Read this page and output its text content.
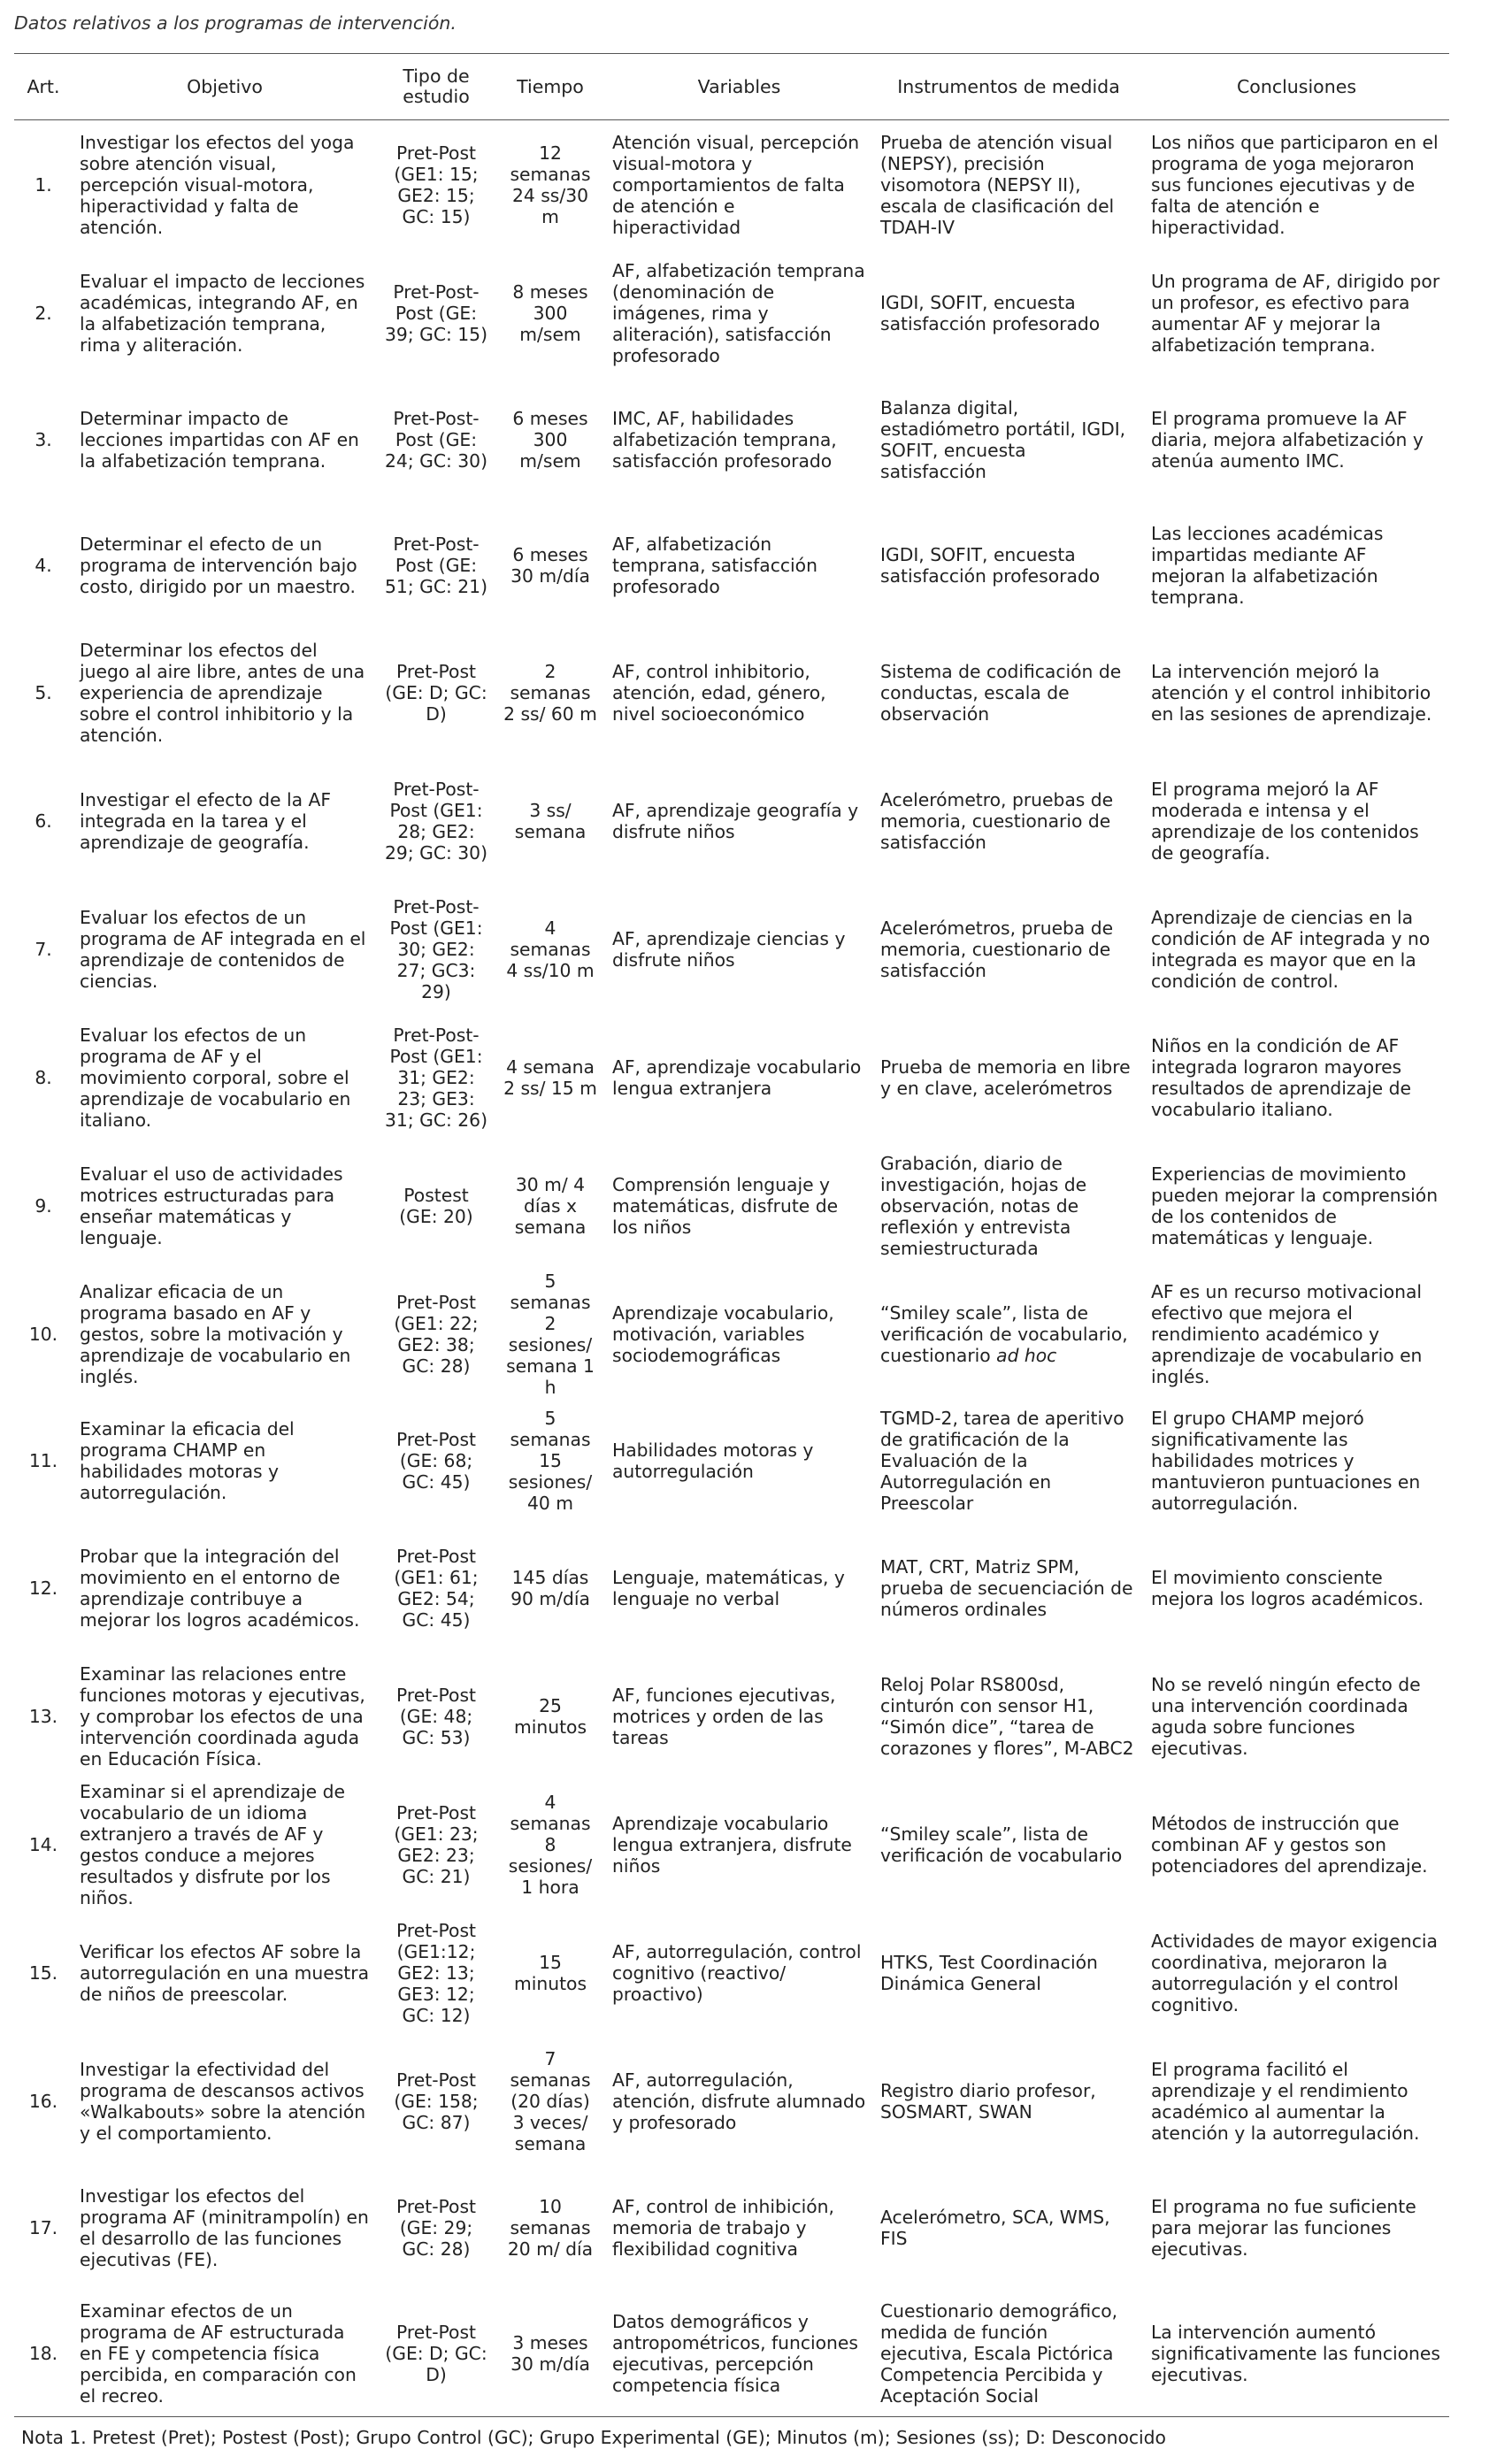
Datos relativos a los programas de intervención.
Art.	Objetivo	Tipo de estudio	Tiempo	Variables	Instrumentos de medida	Conclusiones
1.	Investigar los efectos del yoga sobre atención visual, percepción visual-motora, hiperactividad y falta de atención.	Pret-Post (GE1: 15; GE2: 15; GC: 15)	12 semanas 24 ss/30 m	Atención visual, percepción visual-motora y comportamientos de falta de atención e hiperactividad	Prueba de atención visual (NEPSY), precisión visomotora (NEPSY II), escala de clasificación del TDAH-IV	Los niños que participaron en el programa de yoga mejoraron sus funciones ejecutivas y de falta de atención e hiperactividad.
2.	Evaluar el impacto de lecciones académicas, integrando AF, en la alfabetización temprana, rima y aliteración.	Pret-Post-Post (GE: 39; GC: 15)	8 meses 300 m/sem	AF, alfabetización temprana (denominación de imágenes, rima y aliteración), satisfacción profesorado	IGDI, SOFIT, encuesta satisfacción profesorado	Un programa de AF, dirigido por un profesor, es efectivo para aumentar AF y mejorar la alfabetización temprana.
3.	Determinar impacto de lecciones impartidas con AF en la alfabetización temprana.	Pret-Post-Post (GE: 24; GC: 30)	6 meses 300 m/sem	IMC, AF, habilidades alfabetización temprana, satisfacción profesorado	Balanza digital, estadiómetro portátil, IGDI, SOFIT, encuesta satisfacción	El programa promueve la AF diaria, mejora alfabetización y atenúa aumento IMC.
4.	Determinar el efecto de un programa de intervención bajo costo, dirigido por un maestro.	Pret-Post-Post (GE: 51; GC: 21)	6 meses 30 m/día	AF, alfabetización temprana, satisfacción profesorado	IGDI, SOFIT, encuesta satisfacción profesorado	Las lecciones académicas impartidas mediante AF mejoran la alfabetización temprana.
5.	Determinar los efectos del juego al aire libre, antes de una experiencia de aprendizaje sobre el control inhibitorio y la atención.	Pret-Post (GE: D; GC: D)	2 semanas 2 ss/ 60 m	AF, control inhibitorio, atención, edad, género, nivel socioeconómico	Sistema de codificación de conductas, escala de observación	La intervención mejoró la atención y el control inhibitorio en las sesiones de aprendizaje.
6.	Investigar el efecto de la AF integrada en la tarea y el aprendizaje de geografía.	Pret-Post-Post (GE1: 28; GE2: 29; GC: 30)	3 ss/ semana	AF, aprendizaje geografía y disfrute niños	Acelerómetro, pruebas de memoria, cuestionario de satisfacción	El programa mejoró la AF moderada e intensa y el aprendizaje de los contenidos de geografía.
7.	Evaluar los efectos de un programa de AF integrada en el aprendizaje de contenidos de ciencias.	Pret-Post-Post (GE1: 30; GE2: 27; GC3: 29)	4 semanas 4 ss/10 m	AF, aprendizaje ciencias y disfrute niños	Acelerómetros, prueba de memoria, cuestionario de satisfacción	Aprendizaje de ciencias en la condición de AF integrada y no integrada es mayor que en la condición de control.
8.	Evaluar los efectos de un programa de AF y el movimiento corporal, sobre el aprendizaje de vocabulario en italiano.	Pret-Post-Post (GE1: 31; GE2: 23; GE3: 31; GC: 26)	4 semana 2 ss/ 15 m	AF, aprendizaje vocabulario lengua extranjera	Prueba de memoria en libre y en clave, acelerómetros	Niños en la condición de AF integrada lograron mayores resultados de aprendizaje de vocabulario italiano.
9.	Evaluar el uso de actividades motrices estructuradas para enseñar matemáticas y lenguaje.	Postest (GE: 20)	30 m/ 4 días x semana	Comprensión lenguaje y matemáticas, disfrute de los niños	Grabación, diario de investigación, hojas de observación, notas de reflexión y entrevista semiestructurada	Experiencias de movimiento pueden mejorar la comprensión de los contenidos de matemáticas y lenguaje.
10.	Analizar eficacia de un programa basado en AF y gestos, sobre la motivación y aprendizaje de vocabulario en inglés.	Pret-Post (GE1: 22; GE2: 38; GC: 28)	5 semanas 2 sesiones/ semana 1 h	Aprendizaje vocabulario, motivación, variables sociodemográficas	“Smiley scale”, lista de verificación de vocabulario, cuestionario ad hoc	AF es un recurso motivacional efectivo que mejora el rendimiento académico y aprendizaje de vocabulario en inglés.
11.	Examinar la eficacia del programa CHAMP en habilidades motoras y autorregulación.	Pret-Post (GE: 68; GC: 45)	5 semanas 15 sesiones/ 40 m	Habilidades motoras y autorregulación	TGMD-2, tarea de aperitivo de gratificación de la Evaluación de la Autorregulación en Preescolar	El grupo CHAMP mejoró significativamente las habilidades motrices y mantuvieron puntuaciones en autorregulación.
12.	Probar que la integración del movimiento en el entorno de aprendizaje contribuye a mejorar los logros académicos.	Pret-Post (GE1: 61; GE2: 54; GC: 45)	145 días 90 m/día	Lenguaje, matemáticas, y lenguaje no verbal	MAT, CRT, Matriz SPM, prueba de secuenciación de números ordinales	El movimiento consciente mejora los logros académicos.
13.	Examinar las relaciones entre funciones motoras y ejecutivas, y comprobar los efectos de una intervención coordinada aguda en Educación Física.	Pret-Post (GE: 48; GC: 53)	25 minutos	AF, funciones ejecutivas, motrices y orden de las tareas	Reloj Polar RS800sd, cinturón con sensor H1, “Simón dice”, “tarea de corazones y flores”, M-ABC2	No se reveló ningún efecto de una intervención coordinada aguda sobre funciones ejecutivas.
14.	Examinar si el aprendizaje de vocabulario de un idioma extranjero a través de AF y gestos conduce a mejores resultados y disfrute por los niños.	Pret-Post (GE1: 23; GE2: 23; GC: 21)	4 semanas 8 sesiones/ 1 hora	Aprendizaje vocabulario lengua extranjera, disfrute niños	“Smiley scale”, lista de verificación de vocabulario	Métodos de instrucción que combinan AF y gestos son potenciadores del aprendizaje.
15.	Verificar los efectos AF sobre la autorregulación en una muestra de niños de preescolar.	Pret-Post (GE1:12; GE2: 13; GE3: 12; GC: 12)	15 minutos	AF, autorregulación, control cognitivo (reactivo/ proactivo)	HTKS, Test Coordinación Dinámica General	Actividades de mayor exigencia coordinativa, mejoraron la autorregulación y el control cognitivo.
16.	Investigar la efectividad del programa de descansos activos «Walkabouts» sobre la atención y el comportamiento.	Pret-Post (GE: 158; GC: 87)	7 semanas (20 días) 3 veces/ semana	AF, autorregulación, atención, disfrute alumnado y profesorado	Registro diario profesor, SOSMART, SWAN	El programa facilitó el aprendizaje y el rendimiento académico al aumentar la atención y la autorregulación.
17.	Investigar los efectos del programa AF (minitrampolín) en el desarrollo de las funciones ejecutivas (FE).	Pret-Post (GE: 29; GC: 28)	10 semanas 20 m/ día	AF, control de inhibición, memoria de trabajo y flexibilidad cognitiva	Acelerómetro, SCA, WMS, FIS	El programa no fue suficiente para mejorar las funciones ejecutivas.
18.	Examinar efectos de un programa de AF estructurada en FE y competencia física percibida, en comparación con el recreo.	Pret-Post (GE: D; GC: D)	3 meses 30 m/día	Datos demográficos y antropométricos, funciones ejecutivas, percepción competencia física	Cuestionario demográfico, medida de función ejecutiva, Escala Pictórica Competencia Percibida y Aceptación Social	La intervención aumentó significativamente las funciones ejecutivas.
Nota 1. Pretest (Pret); Postest (Post); Grupo Control (GC); Grupo Experimental (GE); Minutos (m); Sesiones (ss); D: Desconocido
